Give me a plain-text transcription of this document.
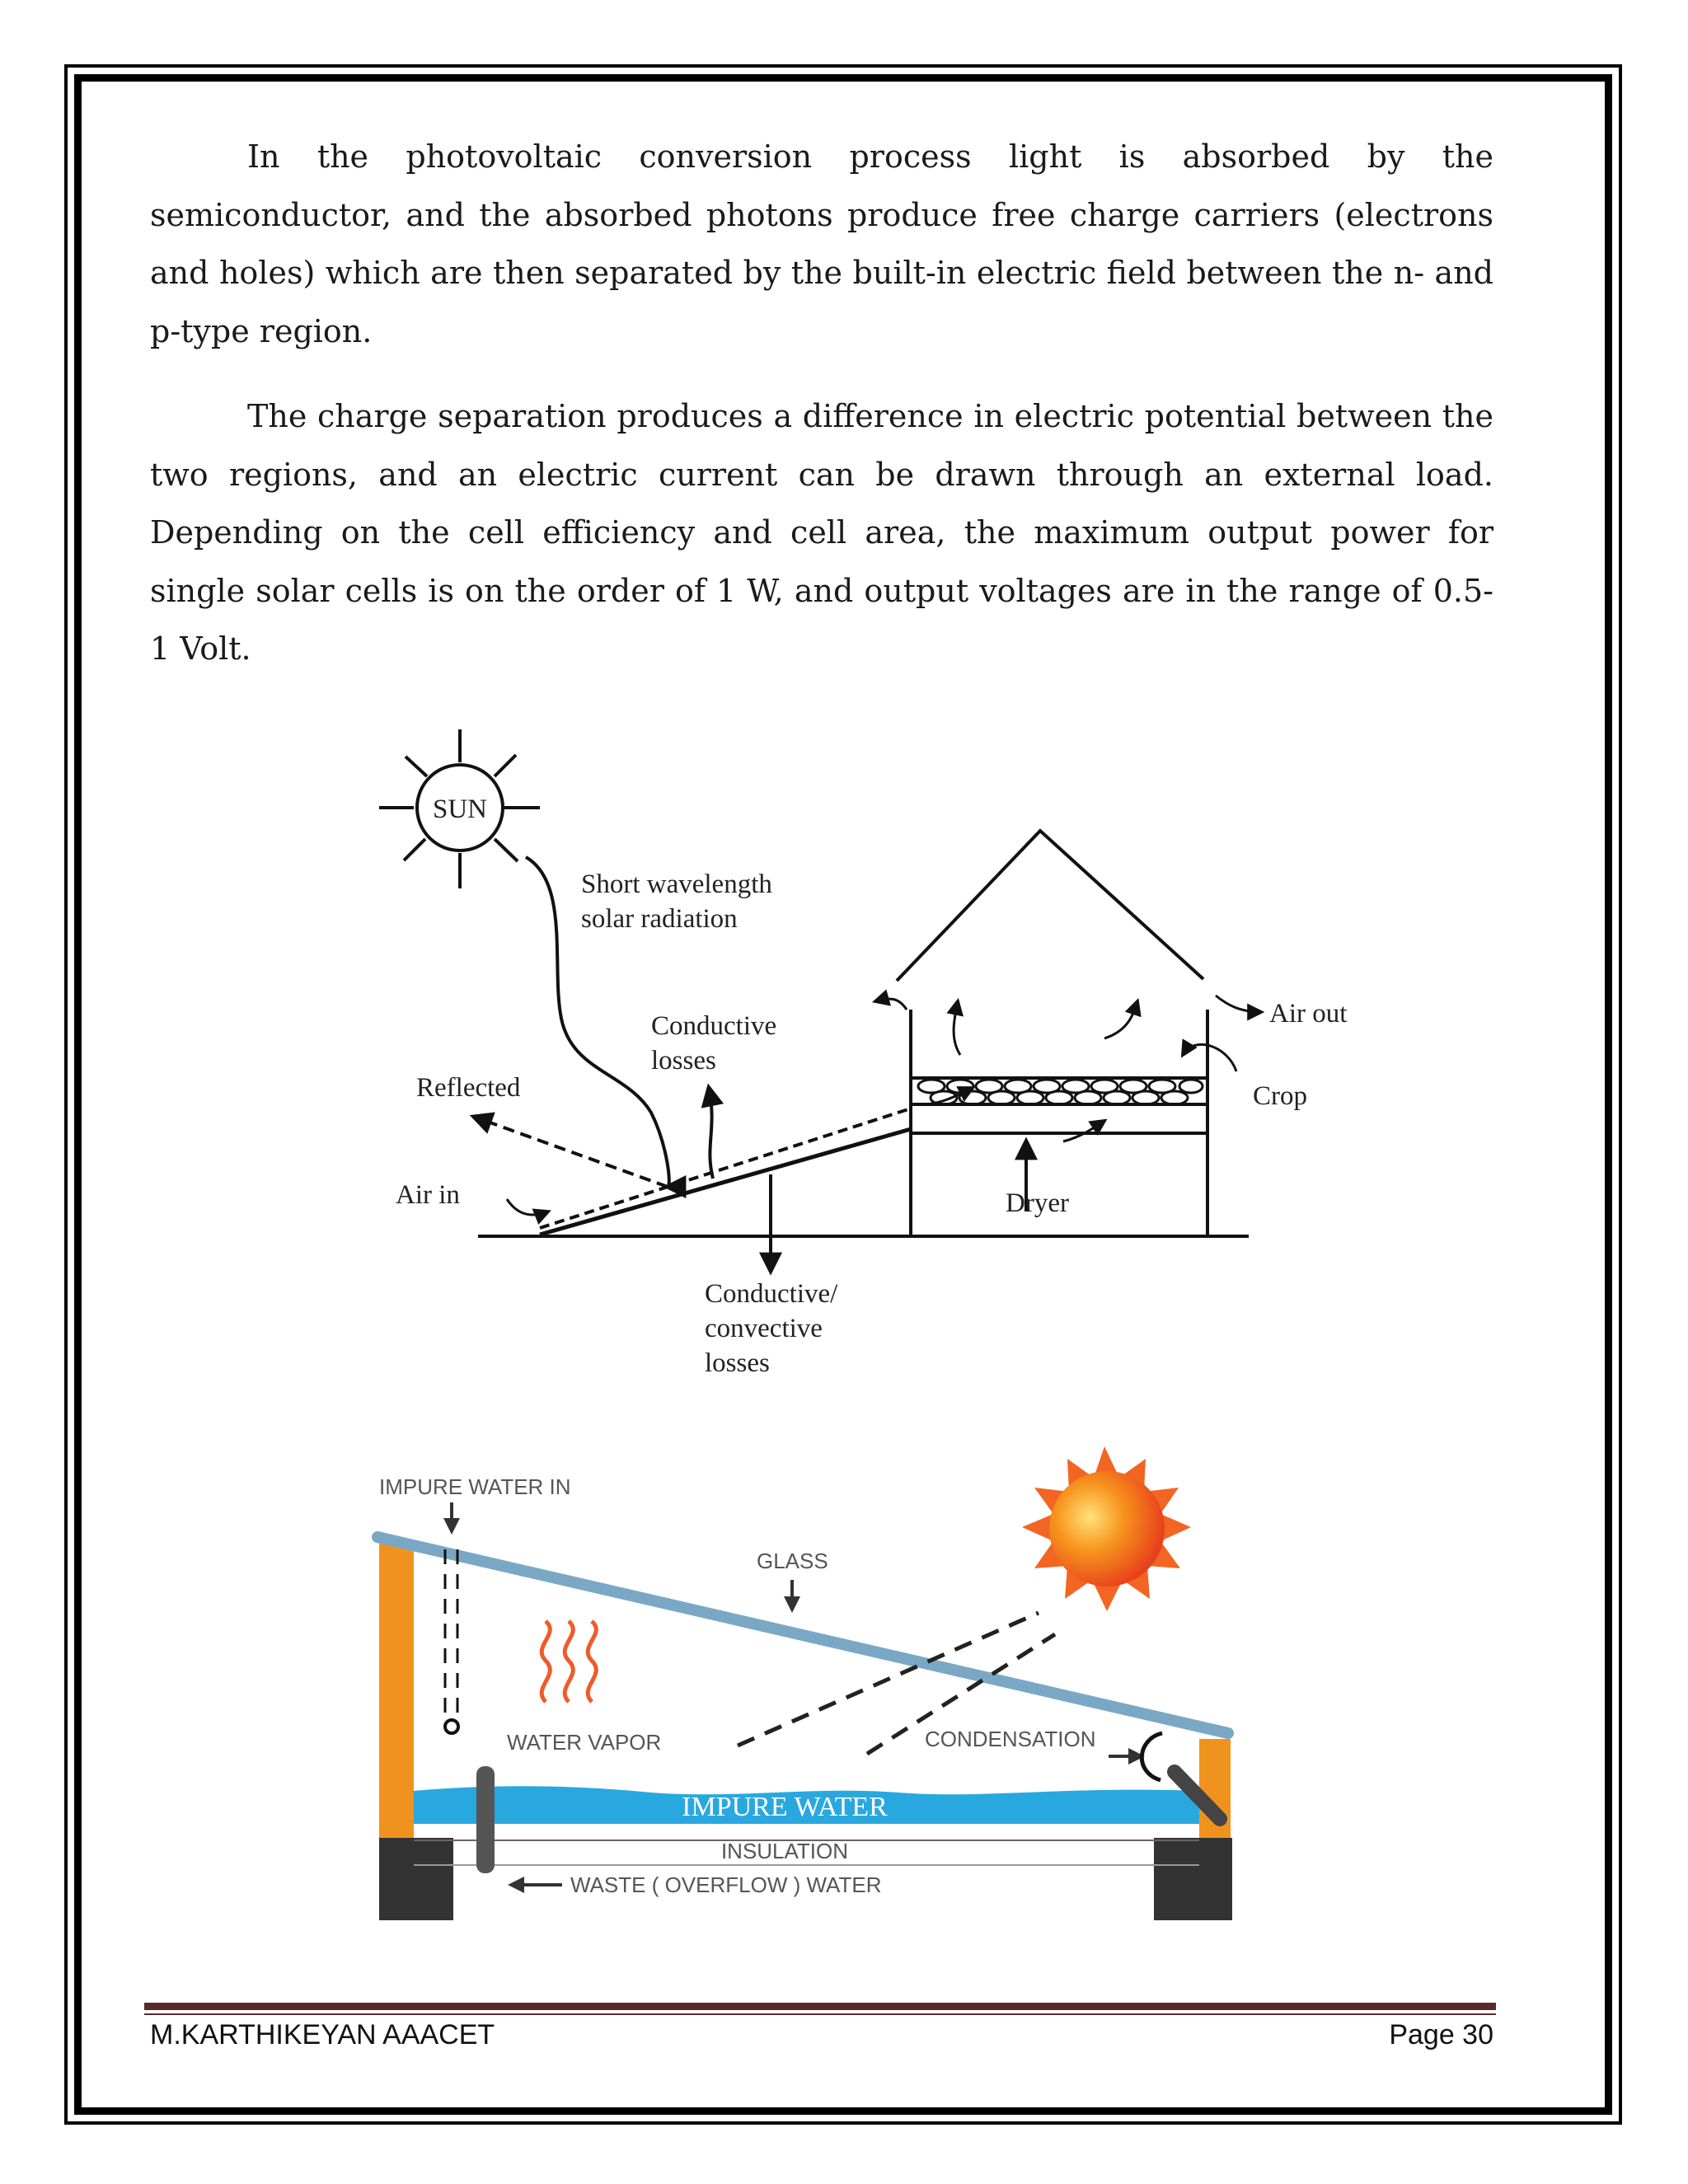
In the photovoltaic conversion process light is absorbed by the semiconductor, and the absorbed photons produce free charge carriers (electrons and holes) which are then separated by the built-in electric field between the n- and p-type region.

The charge separation produces a difference in electric potential between the two regions, and an electric current can be drawn through an external load. Depending on the cell efficiency and cell area, the maximum output power for single solar cells is on the order of 1 W, and output voltages are in the range of 0.5-1 Volt.

SUN
Short wavelength
solar radiation
Conductive
losses
Reflected
Air in
Conductive/
convective
losses
Air out
Crop
Dryer
IMPURE WATER IN
WASTE ( OVERFLOW ) WATER
WATER VAPOR
GLASS
CONDENSATION
IMPURE WATER
INSULATION
M.KARTHIKEYAN AAACET	Page 30
